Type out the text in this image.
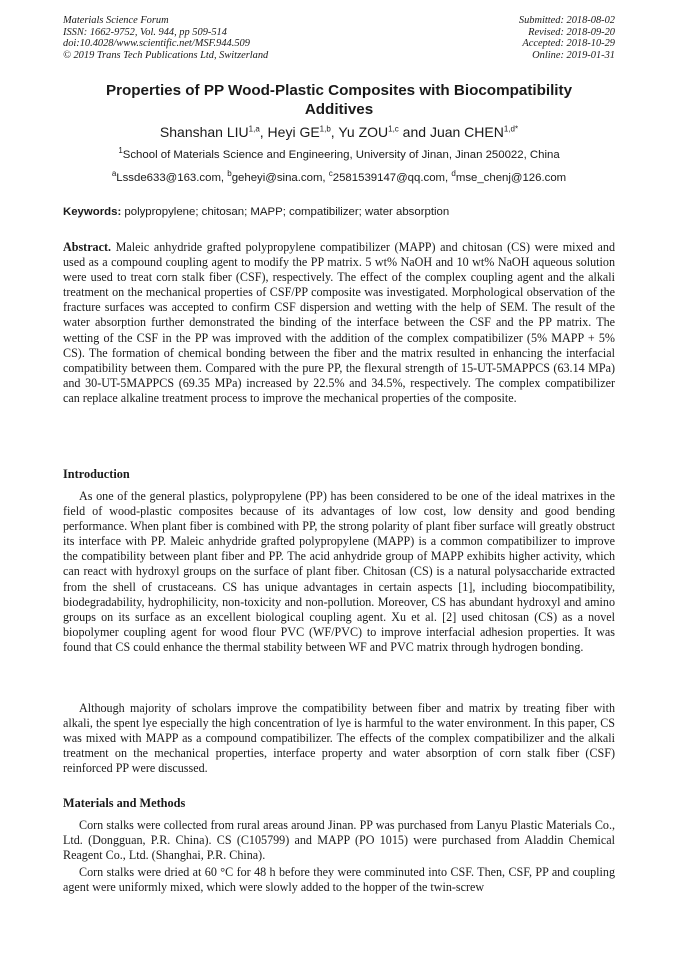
Materials Science Forum
ISSN: 1662-9752, Vol. 944, pp 509-514
doi:10.4028/www.scientific.net/MSF.944.509
© 2019 Trans Tech Publications Ltd, Switzerland
Submitted: 2018-08-02
Revised: 2018-09-20
Accepted: 2018-10-29
Online: 2019-01-31
Properties of PP Wood-Plastic Composites with Biocompatibility Additives
Shanshan LIU$^{1,a}$, Heyi GE$^{1,b}$, Yu ZOU$^{1,c}$ and Juan $CHEN^{1,d*}$
$^1$School of Materials Science and Engineering, University of Jinan, Jinan 250022, China
$^a$Lssde633@163.com, $^b$geheyi@sina.com, $^c$2581539147@qq.com, $^d$mse_chenj@126.com
Keywords: polypropylene; chitosan; MAPP; compatibilizer; water absorption
Abstract. Maleic anhydride grafted polypropylene compatibilizer (MAPP) and chitosan (CS) were mixed and used as a compound coupling agent to modify the PP matrix. 5 wt% NaOH and 10 wt% NaOH aqueous solution were used to treat corn stalk fiber (CSF), respectively. The effect of the complex coupling agent and the alkali treatment on the mechanical properties of CSF/PP composite was investigated. Morphological observation of the fracture surfaces was accepted to confirm CSF dispersion and wetting with the help of SEM. The result of the water absorption further demonstrated the binding of the interface between the CSF and the PP matrix. The wetting of the CSF in the PP was improved with the addition of the complex compatibilizer (5% MAPP + 5% CS). The formation of chemical bonding between the fiber and the matrix resulted in enhancing the interfacial compatibility between them. Compared with the pure PP, the flexural strength of 15-UT-5MAPPCS (63.14 MPa) and 30-UT-5MAPPCS (69.35 MPa) increased by 22.5% and 34.5%, respectively. The complex compatibilizer can replace alkaline treatment process to improve the mechanical properties of the composite.
Introduction

As one of the general plastics, polypropylene (PP) has been considered to be one of the ideal matrixes in the field of wood-plastic composites because of its advantages of low cost, low density and good bending performance. When plant fiber is combined with PP, the strong polarity of plant fiber surface will greatly obstruct its interface with PP. Maleic anhydride grafted polypropylene (MAPP) is a common compatibilizer to improve the compatibility between plant fiber and PP. The acid anhydride group of MAPP exhibits higher activity, which can react with hydroxyl groups on the surface of plant fiber. Chitosan (CS) is a natural polysaccharide extracted from the shell of crustaceans. CS has unique advantages in certain aspects [1], including biocompatibility, biodegradability, hydrophilicity, non-toxicity and non-pollution. Moreover, CS has abundant hydroxyl and amino groups on its surface as an excellent biological coupling agent. Xu et al. [2] used chitosan (CS) as a novel biopolymer coupling agent for wood flour PVC (WF/PVC) to improve interfacial adhesion properties. It was found that CS could enhance the thermal stability between WF and PVC matrix through hydrogen bonding.

Although majority of scholars improve the compatibility between fiber and matrix by treating fiber with alkali, the spent lye especially the high concentration of lye is harmful to the water environment. In this paper, CS was mixed with MAPP as a compound compatibilizer. The effects of the complex compatibilizer and the alkali treatment on the mechanical properties, interface property and water absorption of corn stalk fiber (CSF) reinforced PP were discussed.

Materials and Methods

Corn stalks were collected from rural areas around Jinan. PP was purchased from Lanyu Plastic Materials Co., Ltd. (Dongguan, P.R. China). CS (C105799) and MAPP (PO 1015) were purchased from Aladdin Chemical Reagent Co., Ltd. (Shanghai, P.R. China).

Corn stalks were dried at 60 °C for 48 h before they were comminuted into CSF. Then, CSF, PP and coupling agent were uniformly mixed, which were slowly added to the hopper of the twin-screw
